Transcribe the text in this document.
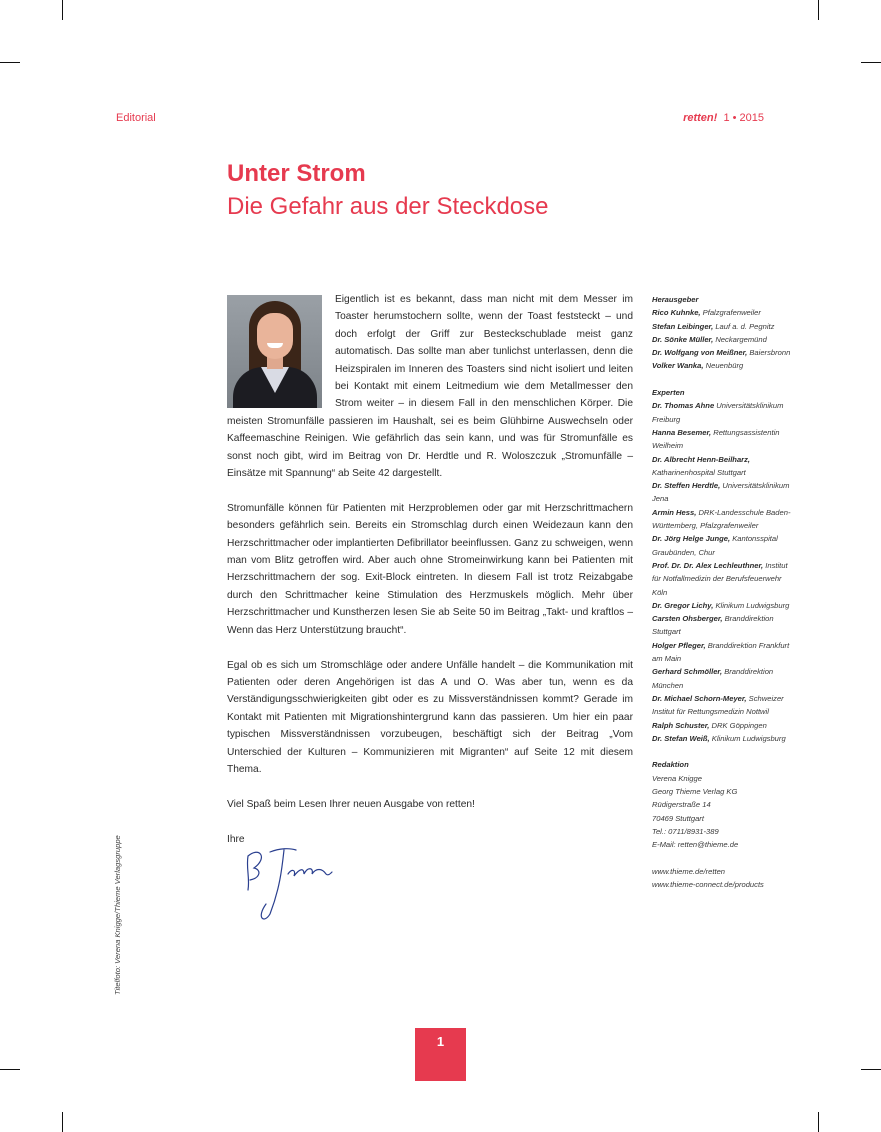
Editorial	retten! 1 • 2015
Unter Strom
Die Gefahr aus der Steckdose

Eigentlich ist es bekannt, dass man nicht mit dem Messer im Toaster herumstochern sollte, wenn der Toast feststeckt – und doch erfolgt der Griff zur Besteckschublade meist ganz automatisch. Das sollte man aber tunlichst unterlassen, denn die Heizspiralen im Inneren des Toasters sind nicht isoliert und leiten bei Kontakt mit einem Leitmedium wie dem Metallmesser den Strom weiter – in diesem Fall in den menschlichen Körper. Die meisten Stromunfälle passieren im Haushalt, sei es beim Glühbirne Auswechseln oder Kaffeemaschine Reinigen. Wie gefährlich das sein kann, und was für Stromunfälle es sonst noch gibt, wird im Beitrag von Dr. Herdtle und R. Woloszczuk „Stromunfälle – Einsätze mit Spannung“ ab Seite 42 dargestellt.

Stromunfälle können für Patienten mit Herzproblemen oder gar mit Herzschrittmachern besonders gefährlich sein. Bereits ein Stromschlag durch einen Weidezaun kann den Herzschrittmacher oder implantierten Defibrillator beeinflussen. Ganz zu schweigen, wenn man vom Blitz getroffen wird. Aber auch ohne Stromeinwirkung kann bei Patienten mit Herzschrittmachern der sog. Exit-Block eintreten. In diesem Fall ist trotz Reizabgabe durch den Schrittmacher keine Stimulation des Herzmuskels möglich. Mehr über Herzschrittmacher und Kunstherzen lesen Sie ab Seite 50 im Beitrag „Takt- und kraftlos – Wenn das Herz Unterstützung braucht“.

Egal ob es sich um Stromschläge oder andere Unfälle handelt – die Kommunikation mit Patienten oder deren Angehörigen ist das A und O. Was aber tun, wenn es da Verständigungsschwierigkeiten gibt oder es zu Missverständnissen kommt? Gerade im Kontakt mit Patienten mit Migrationshintergrund kann das passieren. Um hier ein paar typischen Missverständnissen vorzubeugen, beschäftigt sich der Beitrag „Vom Unterschied der Kulturen – Kommunizieren mit Migranten“ auf Seite 12 mit diesem Thema.

Viel Spaß beim Lesen Ihrer neuen Ausgabe von retten!

Ihre

Herausgeber
Rico Kuhnke, Pfalzgrafenweiler
Stefan Leibinger, Lauf a. d. Pegnitz
Dr. Sönke Müller, Neckargemünd
Dr. Wolfgang von Meißner, Baiersbronn
Volker Wanka, Neuenbürg
Experten
Dr. Thomas Ahne Universitätsklinikum Freiburg
Hanna Besemer, Rettungsassistentin Weilheim
Dr. Albrecht Henn-Beilharz, Katharinenhospital Stuttgart
Dr. Steffen Herdtle, Universitätsklinikum Jena
Armin Hess, DRK-Landesschule Baden-Württemberg, Pfalzgrafenweiler
Dr. Jörg Helge Junge, Kantonsspital Graubünden, Chur
Prof. Dr. Dr. Alex Lechleuthner, Institut für Notfallmedizin der Berufsfeuerwehr Köln
Dr. Gregor Lichy, Klinikum Ludwigsburg
Carsten Ohsberger, Branddirektion Stuttgart
Holger Pfleger, Branddirektion Frankfurt am Main
Gerhard Schmöller, Branddirektion München
Dr. Michael Schorn-Meyer, Schweizer Institut für Rettungsmedizin Nottwil
Ralph Schuster, DRK Göppingen
Dr. Stefan Weiß, Klinikum Ludwigsburg
Redaktion
Verena Knigge
Georg Thieme Verlag KG
Rüdigerstraße 14
70469 Stuttgart
Tel.: 0711/8931-389
E-Mail: retten@thieme.de
www.thieme.de/retten
www.thieme-connect.de/products
Titelfoto: Verena Knigge/Thieme Verlagsgruppe
1
